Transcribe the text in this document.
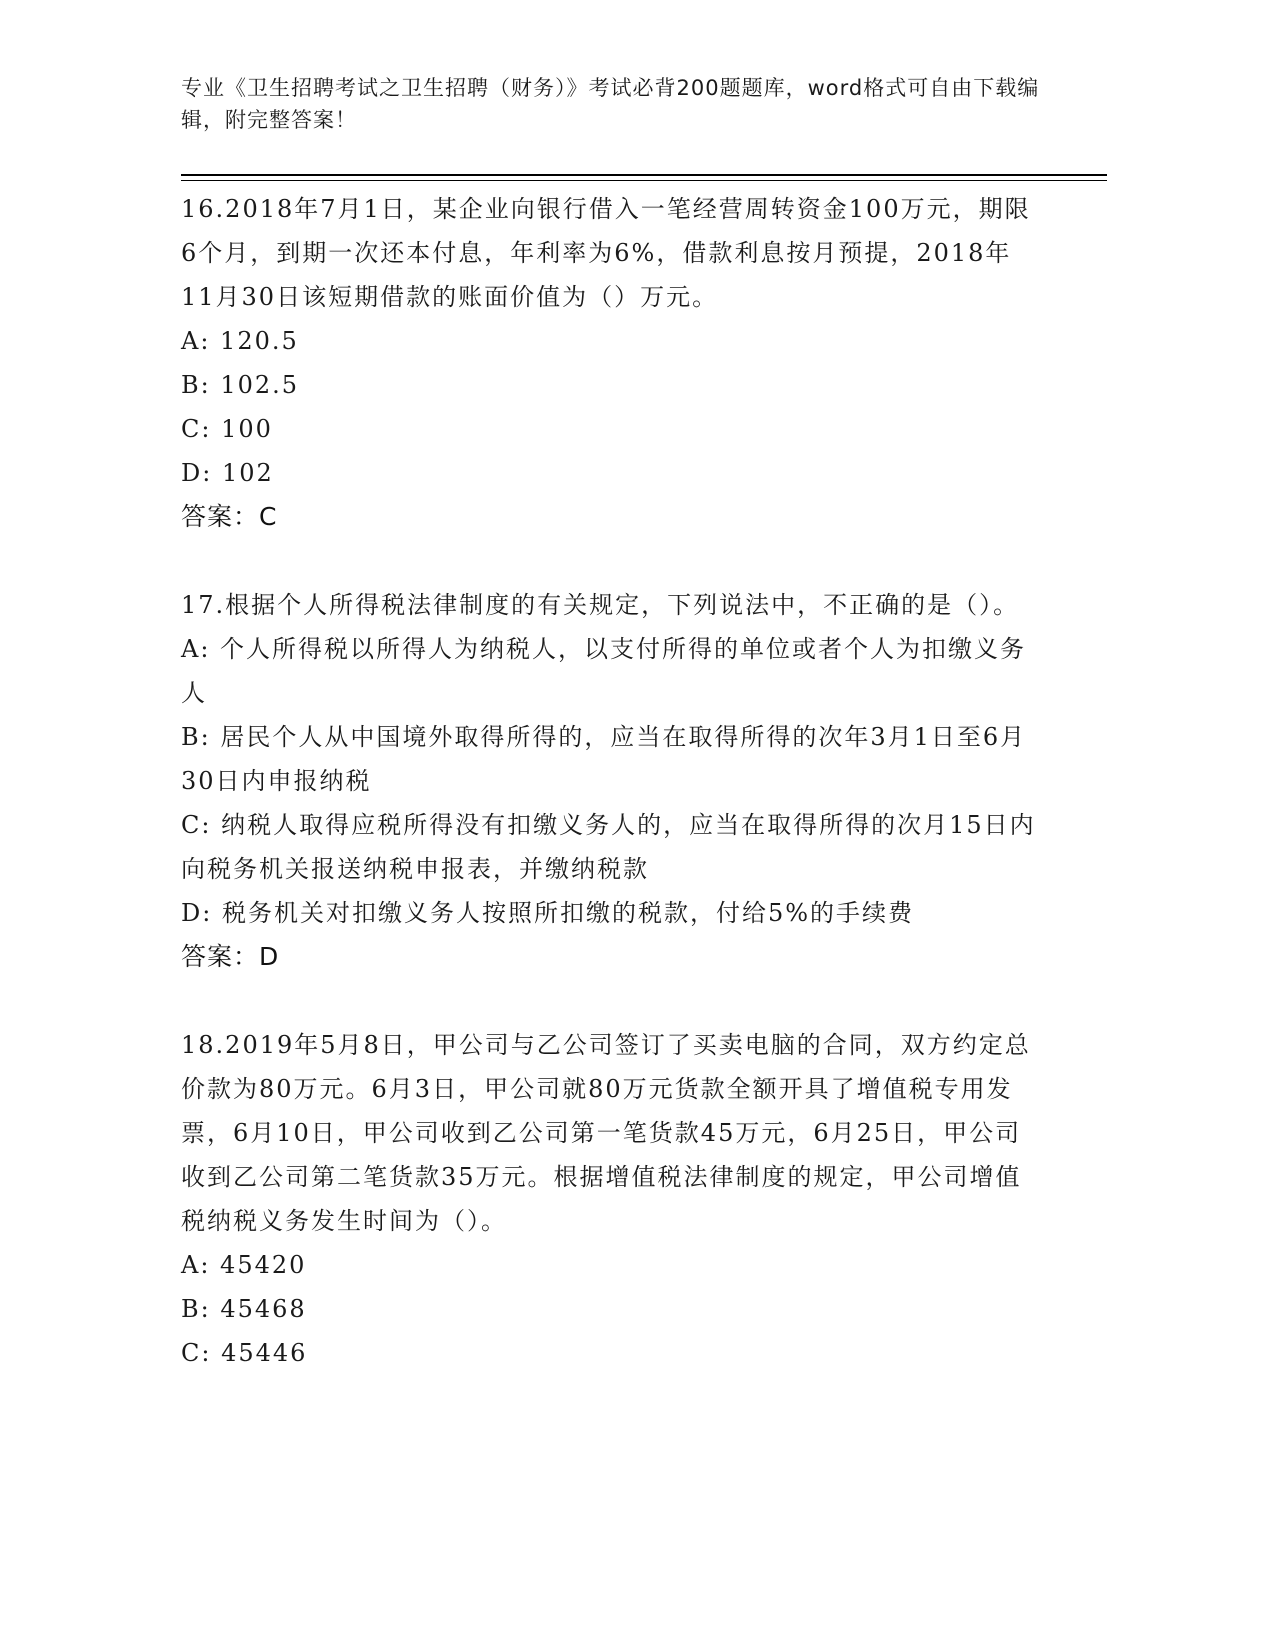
专业《卫生招聘考试之卫生招聘（财务）》考试必背200题题库，word格式可自由下载编辑，附完整答案！

16.2018年7月1日，某企业向银行借入一笔经营周转资金100万元，期限6个月，到期一次还本付息，年利率为6%，借款利息按月预提，2018年11月30日该短期借款的账面价值为（）万元。

A: 120.5

B: 102.5

C: 100

D: 102

答案：C

17.根据个人所得税法律制度的有关规定，下列说法中，不正确的是（）。

A: 个人所得税以所得人为纳税人，以支付所得的单位或者个人为扣缴义务人

B: 居民个人从中国境外取得所得的，应当在取得所得的次年3月1日至6月30日内申报纳税

C: 纳税人取得应税所得没有扣缴义务人的，应当在取得所得的次月15日内向税务机关报送纳税申报表，并缴纳税款

D: 税务机关对扣缴义务人按照所扣缴的税款，付给5%的手续费

答案：D

18.2019年5月8日，甲公司与乙公司签订了买卖电脑的合同，双方约定总价款为80万元。6月3日，甲公司就80万元货款全额开具了增值税专用发票，6月10日，甲公司收到乙公司第一笔货款45万元，6月25日，甲公司收到乙公司第二笔货款35万元。根据增值税法律制度的规定，甲公司增值税纳税义务发生时间为（）。

A: 45420

B: 45468

C: 45446
